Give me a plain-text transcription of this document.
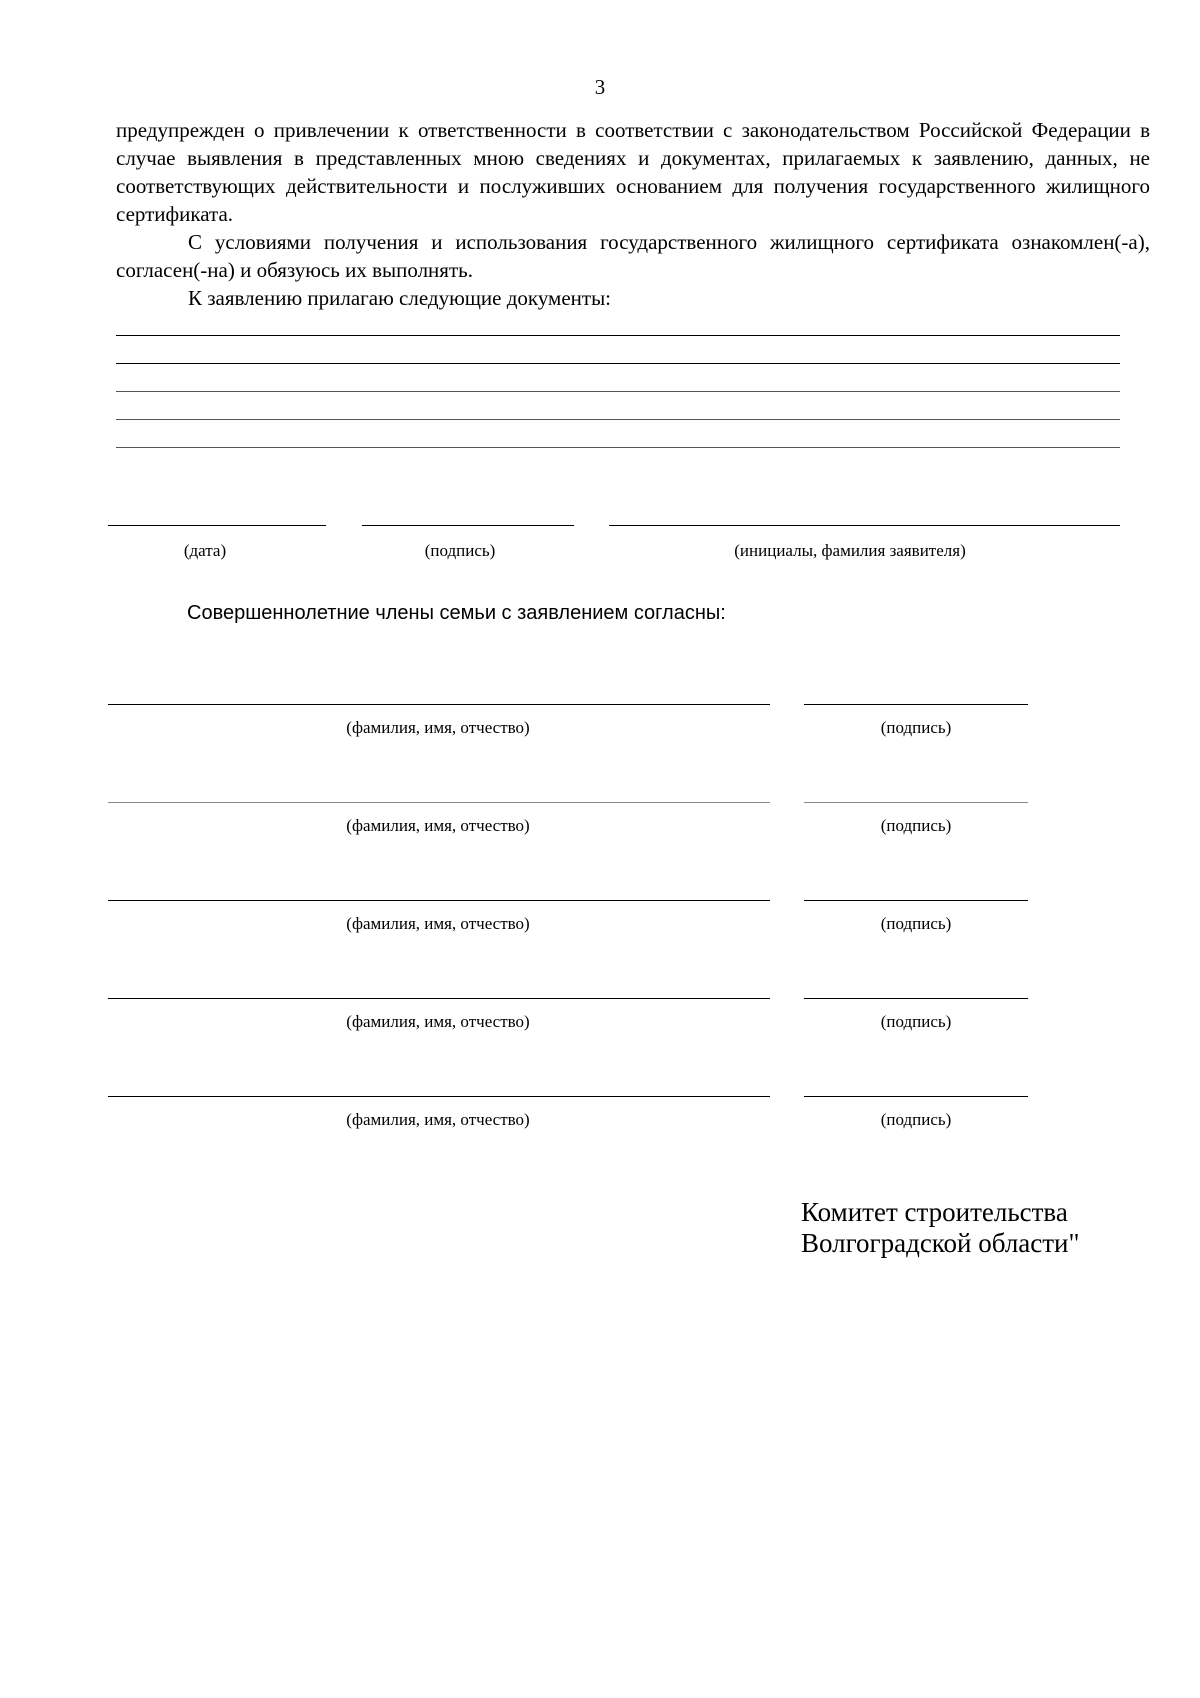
3

предупрежден о привлечении к ответственности в соответствии с законодательством Российской Федерации в случае выявления в представленных мною сведениях и документах, прилагаемых к заявлению, данных, не соответствующих действительности и послуживших основанием для получения государственного жилищного сертификата.

С условиями получения и использования государственного жилищного сертификата ознакомлен(-а), согласен(-на) и обязуюсь их выполнять.

К заявлению прилагаю следующие документы:

(дата)	(подпись)	(инициалы, фамилия заявителя)
Совершеннолетние члены семьи с заявлением согласны:
(фамилия, имя, отчество)	(подпись)
(фамилия, имя, отчество)	(подпись)
(фамилия, имя, отчество)	(подпись)
(фамилия, имя, отчество)	(подпись)
(фамилия, имя, отчество)	(подпись)
Комитет строительства
Волгоградской области"
